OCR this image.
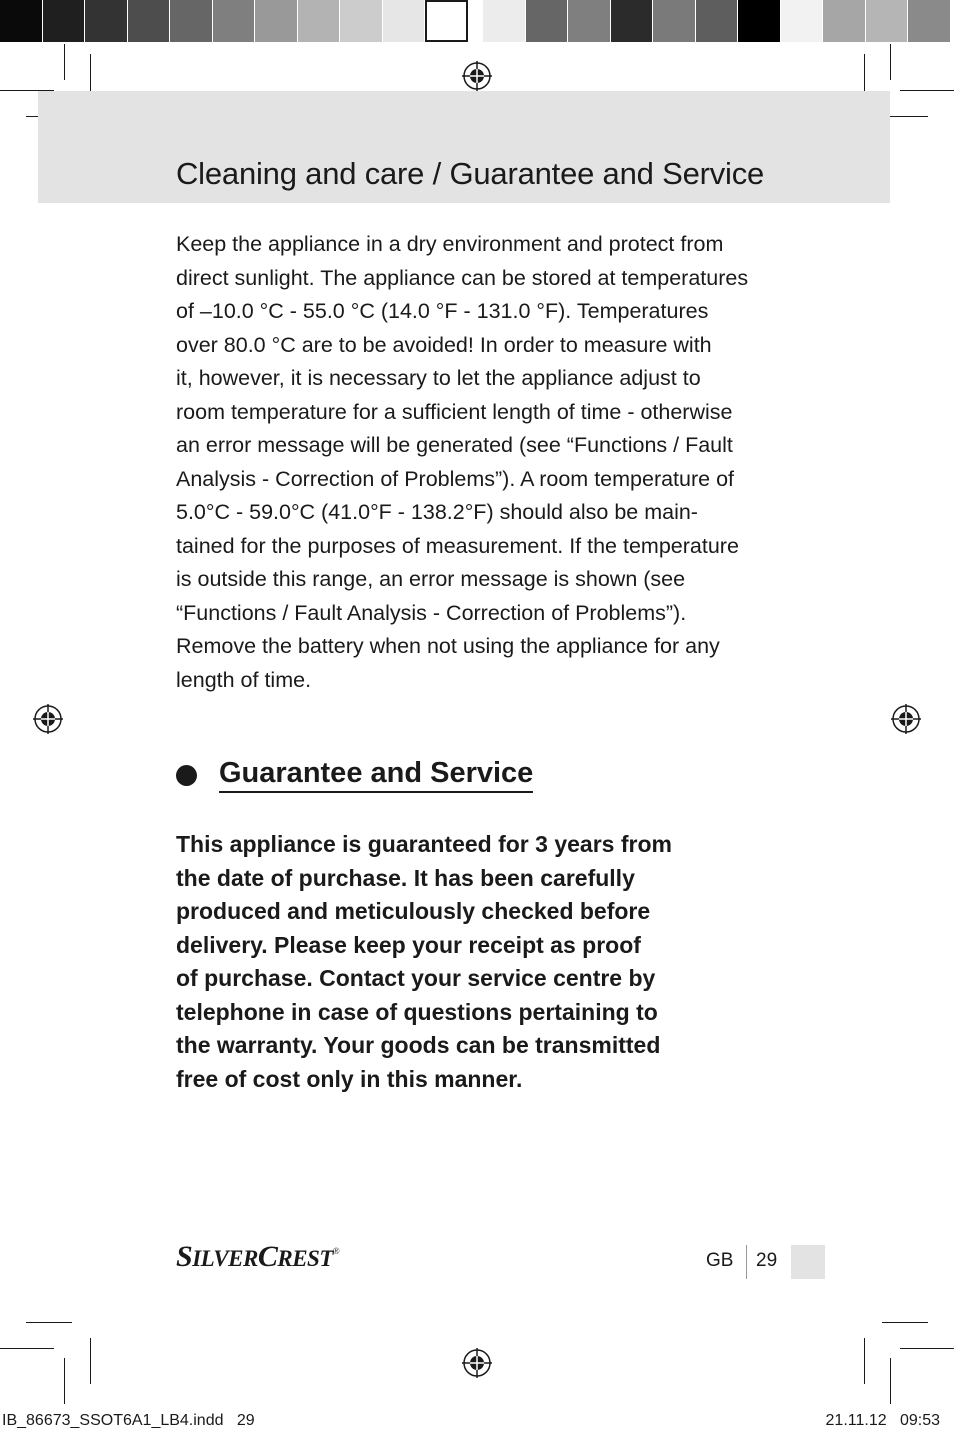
Cleaning and care / Guarantee and Service

Keep the appliance in a dry environment and protect from
direct sunlight. The appliance can be stored at temperatures
of –10.0 °C - 55.0 °C (14.0 °F - 131.0 °F). Temperatures
over 80.0 °C are to be avoided! In order to measure with
it, however, it is necessary to let the appliance adjust to
room temperature for a sufficient length of time - otherwise
an error message will be generated (see “Functions / Fault
Analysis - Correction of Problems”). A room temperature of
5.0°C - 59.0°C (41.0°F - 138.2°F) should also be main-
tained for the purposes of measurement. If the temperature
is outside this range, an error message is shown (see
“Functions / Fault Analysis - Correction of Problems”).
Remove the battery when not using the appliance for any
length of time.

Guarantee and Service

This appliance is guaranteed for 3 years from
the date of purchase. It has been carefully
produced and meticulously checked before
delivery. Please keep your receipt as proof
of purchase. Contact your service centre by
telephone in case of questions pertaining to
the warranty. Your goods can be transmitted
free of cost only in this manner.

SILVERCREST®	GB 29
IB_86673_SSOT6A1_LB4.indd   29	21.11.12   09:53
